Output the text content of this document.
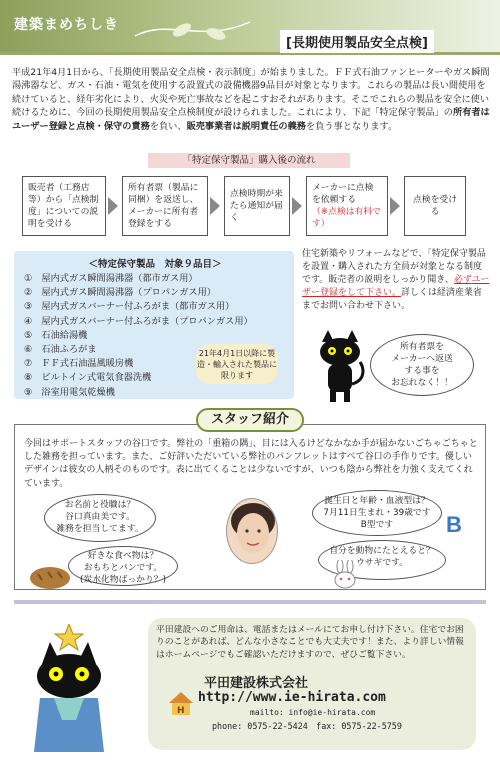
建築まめちしき
[長期使用製品安全点検]
平成21年4月1日から、「長期使用製品安全点検・表示制度」が始まりました。ＦＦ式石油ファンヒーターやガス瞬間湯沸器など、ガス・石油・電気を使用する設置式の設備機器9品目が対象となります。これらの製品は長い間使用を続けていると、経年劣化により、火災や死亡事故などを起こすおそれがあります。そこでこれらの製品を安全に使い続けるために、今回の長期使用製品安全点検制度が設けられました。これにより、下記「特定保守製品」の所有者はユーザー登録と点検・保守の責務を負い、販売事業者は説明責任の義務を負う事となります。
「特定保守製品」購入後の流れ
販売者（工務店等）から「点検制度」についての説明を受ける
所有者票（製品に同梱）を返送し、メーカーに所有者登録をする
点検時期が来たら通知が届く
メーカーに点検を依頼する
（※点検は有料です）
点検を受ける
＜特定保守製品　対象９品目＞
①　屋内式ガス瞬間湯沸器（都市ガス用）
②　屋内式ガス瞬間湯沸器（プロパンガス用）
③　屋内式ガスバーナー付ふろがま（都市ガス用）
④　屋内式ガスバーナー付ふろがま（プロパンガス用）
⑤　石油給湯機
⑥　石油ふろがま
⑦　ＦＦ式石油温風暖房機
⑧　ビルトイン式電気食器洗機
⑨　浴室用電気乾燥機
21年4月1日以降に製造・輸入された製品に限ります
住宅新築やリフォームなどで、「特定保守製品を設置・購入された方全員が対象となる制度です。販売者の説明をしっかり聞き、必ずユーザー登録をして下さい。詳しくは経済産業省までお問い合わせ下さい。
所有者票を
メーカーへ返送
する事を
お忘れなく！！
スタッフ紹介
今回はサポートスタッフの谷口です。弊社の「重箱の隅」、目には入るけどなかなか手が届かないごちゃごちゃとした雑務を担っています。また、ご好評いただいている弊社のパンフレットはすべて谷口の手作りです。優しいデザインは彼女の人柄そのものです。表に出てくることは少ないですが、いつも陰から弊社を力強く支えてくれています。
お名前と役職は？
谷口真由美です。
雑務を担当してます。
好きな食べ物は？
おもちとパンです。
(炭水化物ばっかり？)
誕生日と年齢・血液型は？
7月11日生まれ・39歳です
B型です	B
自分を動物にたとえると？
ウサギです。
平田建設へのご用命は、電話またはメールにてお申し付け下さい。住宅でお困りのことがあれば、どんな小さなことでも大丈夫です！また、より詳しい情報はホームページでもご確認いただけますので、ぜひご覧下さい。
H
平田建設株式会社
http://www.ie-hirata.com
mailto: info@ie-hirata.com
phone: 0575-22-5424　fax: 0575-22-5759
